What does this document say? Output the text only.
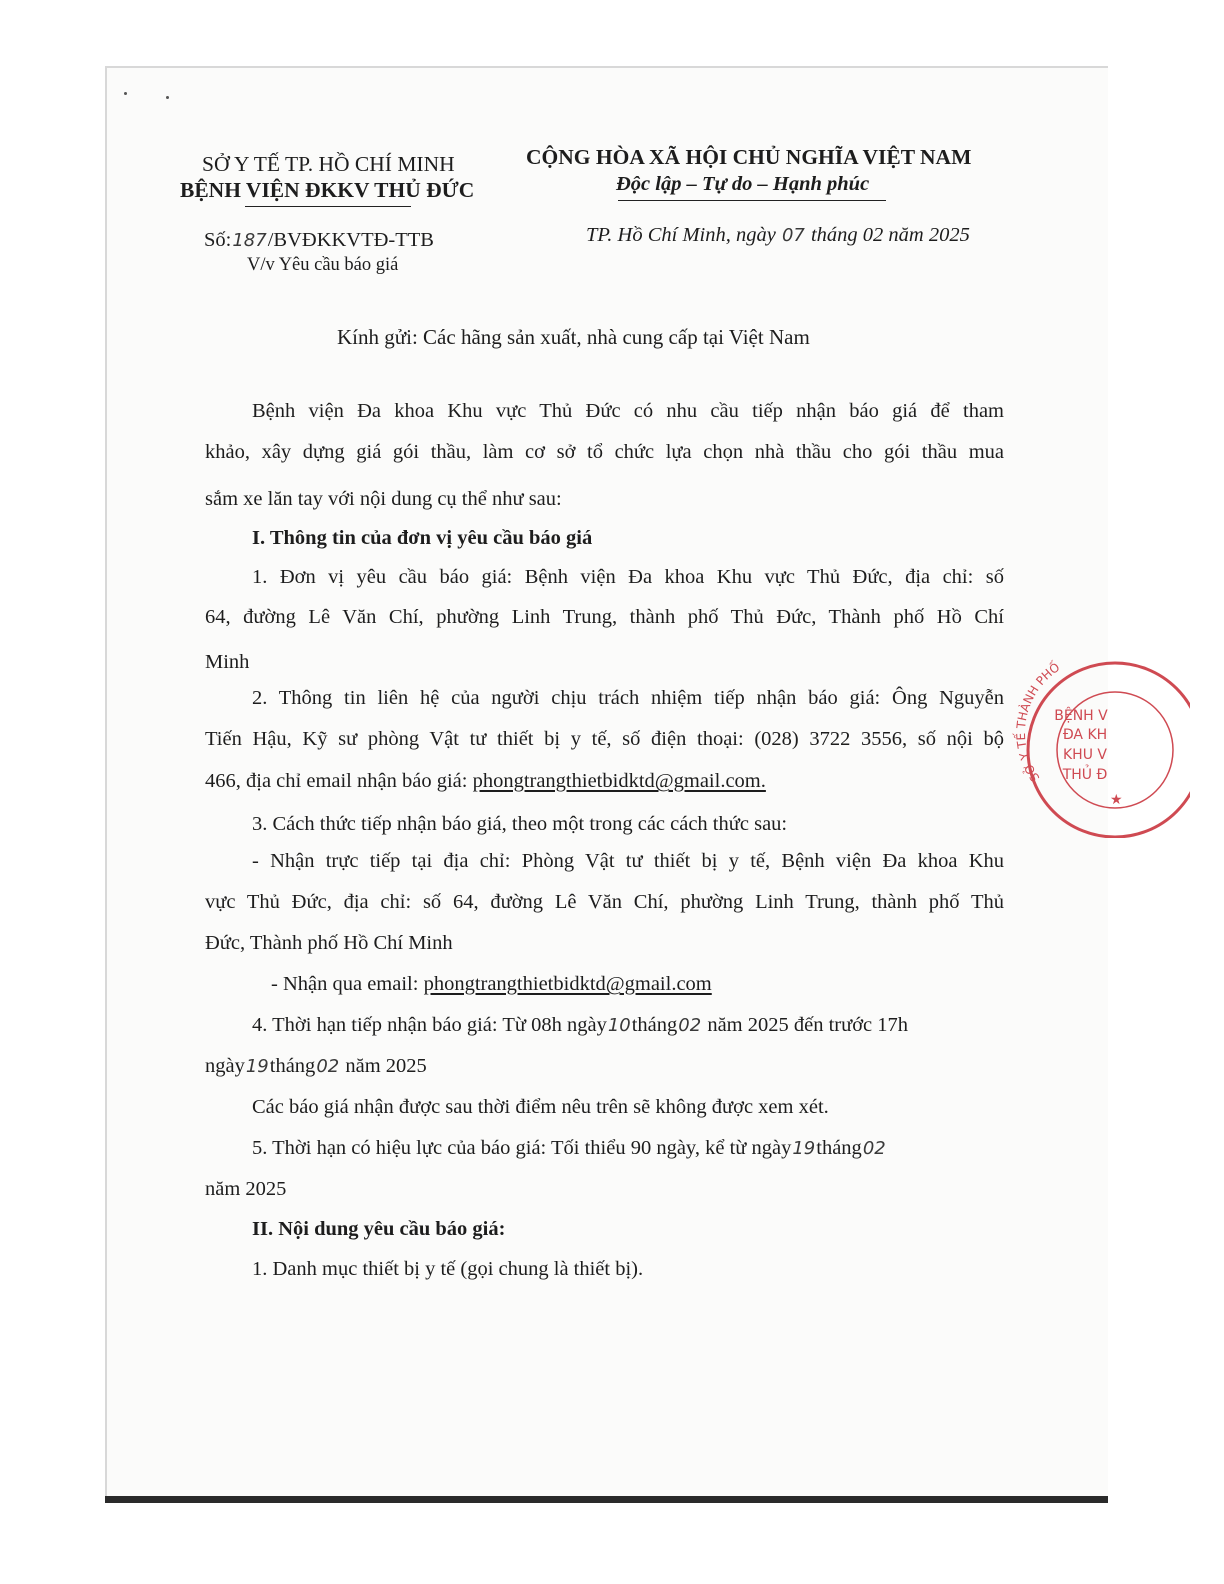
SỞ Y TẾ TP. HỒ CHÍ MINH
BỆNH VIỆN ĐKKV THỦ ĐỨC
Số:187/BVĐKKVTĐ-TTB
V/v Yêu cầu báo giá
CỘNG HÒA XÃ HỘI CHỦ NGHĨA VIỆT NAM
Độc lập – Tự do – Hạnh phúc
TP. Hồ Chí Minh, ngày 07 tháng 02 năm 2025
Kính gửi: Các hãng sản xuất, nhà cung cấp tại Việt Nam
Bệnh viện Đa khoa Khu vực Thủ Đức có nhu cầu tiếp nhận báo giá để tham
khảo, xây dựng giá gói thầu, làm cơ sở tổ chức lựa chọn nhà thầu cho gói thầu mua
sắm xe lăn tay với nội dung cụ thể như sau:
I. Thông tin của đơn vị yêu cầu báo giá
1. Đơn vị yêu cầu báo giá: Bệnh viện Đa khoa Khu vực Thủ Đức, địa chỉ: số
64, đường Lê Văn Chí, phường Linh Trung, thành phố Thủ Đức, Thành phố Hồ Chí
Minh
2. Thông tin liên hệ của người chịu trách nhiệm tiếp nhận báo giá: Ông Nguyễn
Tiến Hậu, Kỹ sư phòng Vật tư thiết bị y tế, số điện thoại: (028) 3722 3556, số nội bộ
466, địa chỉ email nhận báo giá: phongtrangthietbidktd@gmail.com.
3. Cách thức tiếp nhận báo giá, theo một trong các cách thức sau:
- Nhận trực tiếp tại địa chỉ: Phòng Vật tư thiết bị y tế, Bệnh viện Đa khoa Khu
vực Thủ Đức, địa chỉ: số 64, đường Lê Văn Chí, phường Linh Trung, thành phố Thủ
Đức, Thành phố Hồ Chí Minh
- Nhận qua email: phongtrangthietbidktd@gmail.com
4. Thời hạn tiếp nhận báo giá: Từ 08h ngày10tháng02 năm 2025 đến trước 17h
ngày19tháng02 năm 2025
Các báo giá nhận được sau thời điểm nêu trên sẽ không được xem xét.
5. Thời hạn có hiệu lực của báo giá: Tối thiểu 90 ngày, kể từ ngày19tháng02
năm 2025
II. Nội dung yêu cầu báo giá:
1. Danh mục thiết bị y tế (gọi chung là thiết bị).
SỞ Y TẾ THÀNH PHỐ
★
BỆNH V
ĐA KH
KHU V
THỦ Đ
